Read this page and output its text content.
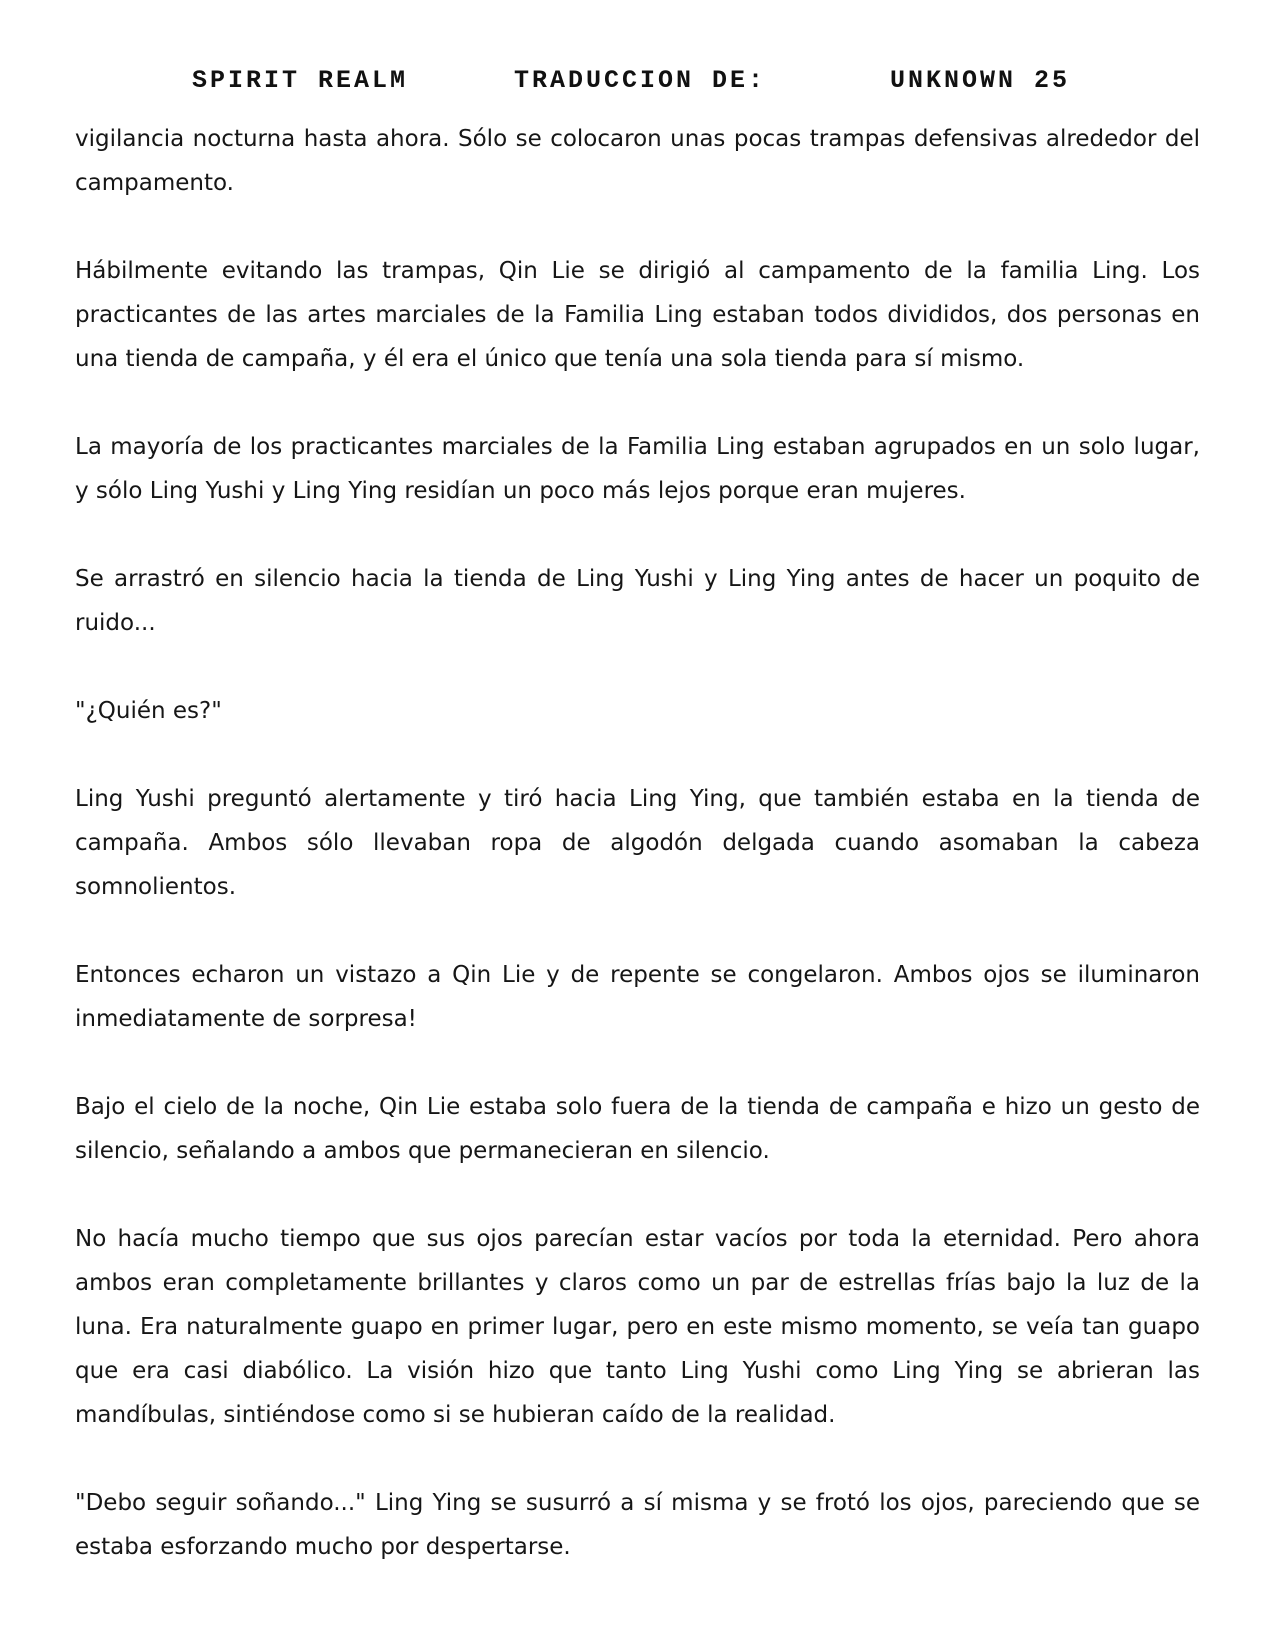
SPIRIT REALM	TRADUCCION DE:	UNKNOWN 25

vigilancia nocturna hasta ahora. Sólo se colocaron unas pocas trampas defensivas alrededor del campamento.

Hábilmente evitando las trampas, Qin Lie se dirigió al campamento de la familia Ling. Los practicantes de las artes marciales de la Familia Ling estaban todos divididos, dos personas en una tienda de campaña, y él era el único que tenía una sola tienda para sí mismo.

La mayoría de los practicantes marciales de la Familia Ling estaban agrupados en un solo lugar, y sólo Ling Yushi y Ling Ying residían un poco más lejos porque eran mujeres.

Se arrastró en silencio hacia la tienda de Ling Yushi y Ling Ying antes de hacer un poquito de ruido...

"¿Quién es?"

Ling Yushi preguntó alertamente y tiró hacia Ling Ying, que también estaba en la tienda de campaña. Ambos sólo llevaban ropa de algodón delgada cuando asomaban la cabeza somnolientos.

Entonces echaron un vistazo a Qin Lie y de repente se congelaron. Ambos ojos se iluminaron inmediatamente de sorpresa!

Bajo el cielo de la noche, Qin Lie estaba solo fuera de la tienda de campaña e hizo un gesto de silencio, señalando a ambos que permanecieran en silencio.

No hacía mucho tiempo que sus ojos parecían estar vacíos por toda la eternidad. Pero ahora ambos eran completamente brillantes y claros como un par de estrellas frías bajo la luz de la luna. Era naturalmente guapo en primer lugar, pero en este mismo momento, se veía tan guapo que era casi diabólico. La visión hizo que tanto Ling Yushi como Ling Ying se abrieran las mandíbulas, sintiéndose como si se hubieran caído de la realidad.

"Debo seguir soñando..." Ling Ying se susurró a sí misma y se frotó los ojos, pareciendo que se estaba esforzando mucho por despertarse.
